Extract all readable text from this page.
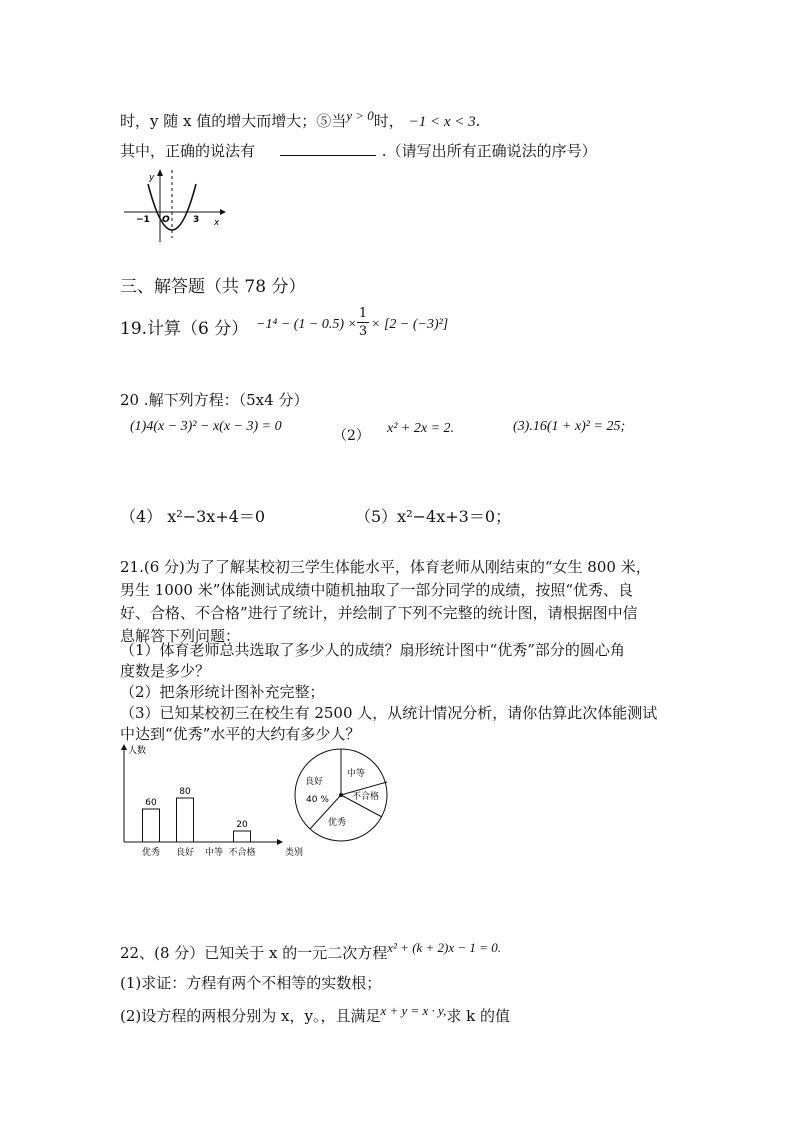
时，y 随 x 值的增大而增大；⑤当$^{y > 0}$时， −1 < x < 3.
其中，正确的说法有	.（请写出所有正确说法的序号）
y
x
−1 O	3
三、解答题（共 78 分）
19.计算（6 分） $-1^4 - (1 - 0.5) \times \frac{1}{3} \times [2 - (-3)^2]$
20 .解下列方程：（5x4 分）
(1)4(x − 3)² − x(x − 3) = 0
（2） x² + 2x = 2.	(3).16(1 + x)² = 25;
（4） x²−3x+4＝0	（5）x²−4x+3＝0；
21.(6 分)为了了解某校初三学生体能水平，体育老师从刚结束的“女生 800 米，
男生 1000 米”体能测试成绩中随机抽取了一部分同学的成绩，按照“优秀、良
好、合格、不合格”进行了统计，并绘制了下列不完整的统计图，请根据图中信
息解答下列问题：
（1）体育老师总共选取了多少人的成绩？扇形统计图中“优秀”部分的圆心角
度数是多少？
（2）把条形统计图补充完整；
（3）已知某校初三在校生有 2500 人，从统计情况分析，请你估算此次体能测试
中达到“优秀”水平的大约有多少人？
人数
类别
60
优秀
80
良好 中等
20
不合格
良好
40 %
中等
不合格
优秀
22、(8 分）已知关于 x 的一元二次方程$^{x^2 + (k + 2)x - 1 = 0.}$
(1)求证：方程有两个不相等的实数根；
(2)设方程的两根分别为 x，y。，且满足$^{x + y = x \cdot y,}$求 k 的值
